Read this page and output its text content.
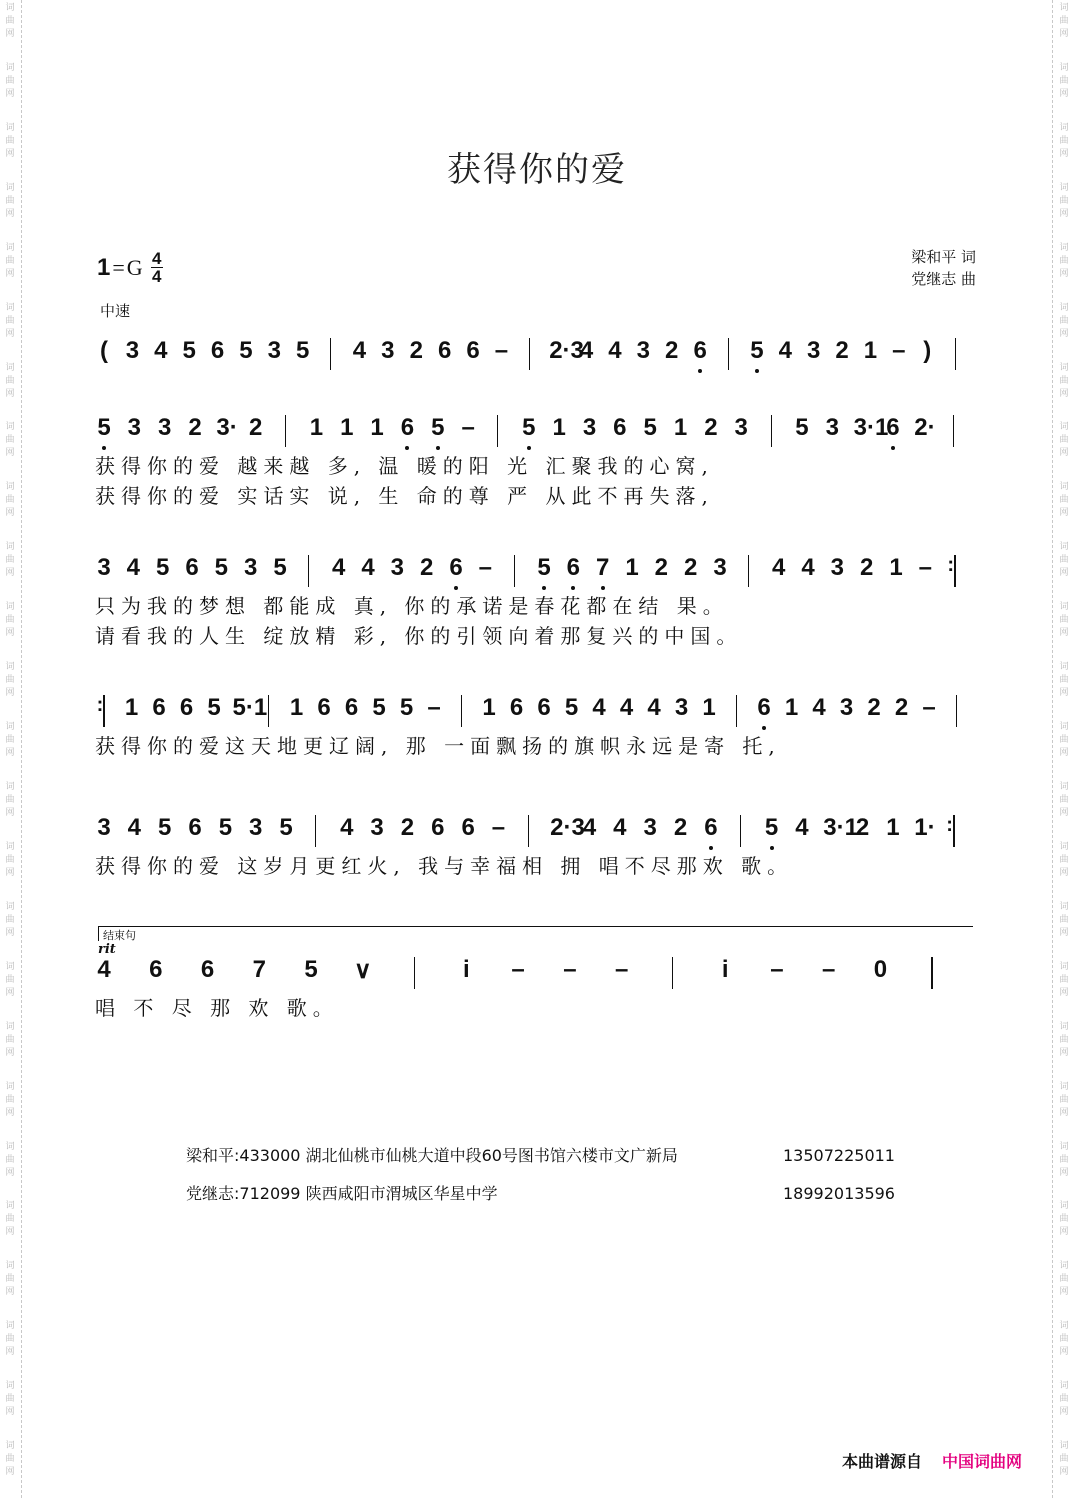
词
曲
网
词
曲
网
词
曲
网
词
曲
网
词
曲
网
词
曲
网
词
曲
网
词
曲
网
词
曲
网
词
曲
网
词
曲
网
词
曲
网
词
曲
网
词
曲
网
词
曲
网
词
曲
网
词
曲
网
词
曲
网
词
曲
网
词
曲
网
词
曲
网
词
曲
网
词
曲
网
词
曲
网
词
曲
网
词
曲
网
词
曲
网
词
曲
网
词
曲
网
词
曲
网
词
曲
网
词
曲
网
词
曲
网
词
曲
网
词
曲
网
词
曲
网
词
曲
网
词
曲
网
词
曲
网
词
曲
网
词
曲
网
词
曲
网
词
曲
网
词
曲
网
词
曲
网
词
曲
网
词
曲
网
词
曲
网
词
曲
网
词
曲
网
获得你的爱
1 = G 4
4
中速
梁和平 词
党继志 曲
( 3 4 5 6 5 3 5 4 3 2 6 6 – 2·3
4 4 3 2 6 5 4 3 2 1 – )
5 3 3 2 3· 2 1 1 1 6 5 – 5 1 3 6 5 1 2 3 5 3 3·1
6 2·
获得你的爱 越来越 多, 温 暖的阳 光 汇聚我的心窝,
获得你的爱 实话实 说, 生 命的尊 严 从此不再失落,
3 4 5 6 5 3 5 4 4 3 2 6 – 5 6 7 1 2 2 3 4 4 3 2 1 – :
只为我的梦想 都能成 真, 你的承诺是春花都在结 果。
请看我的人生 绽放精 彩, 你的引领向着那复兴的中国。
: 1 6 6 5 5·1 1 6 6 5 5 – 1 6 6 5 4 4 4 3 1 6 1 4 3 2 2 –
获得你的爱这天地更辽阔, 那 一面飘扬的旗帜永远是寄 托,
3 4 5 6 5 3 5 4 3 2 6 6 – 2·3
4 4 3 2 6 5 4 3·1
2 1 1· :
获得你的爱 这岁月更红火, 我与幸福相 拥 唱不尽那欢 歌。
结束句
rit
4 6 6 7 5 ∨	i – – –	i – – 0
唱 不 尽 那 欢 歌。
梁和平: 433000 湖北仙桃市仙桃大道中段60号图书馆六楼市文广新局	13507225011
党继志: 712099 陕西咸阳市渭城区华星中学	18992013596
本曲谱源自 中国词曲网
